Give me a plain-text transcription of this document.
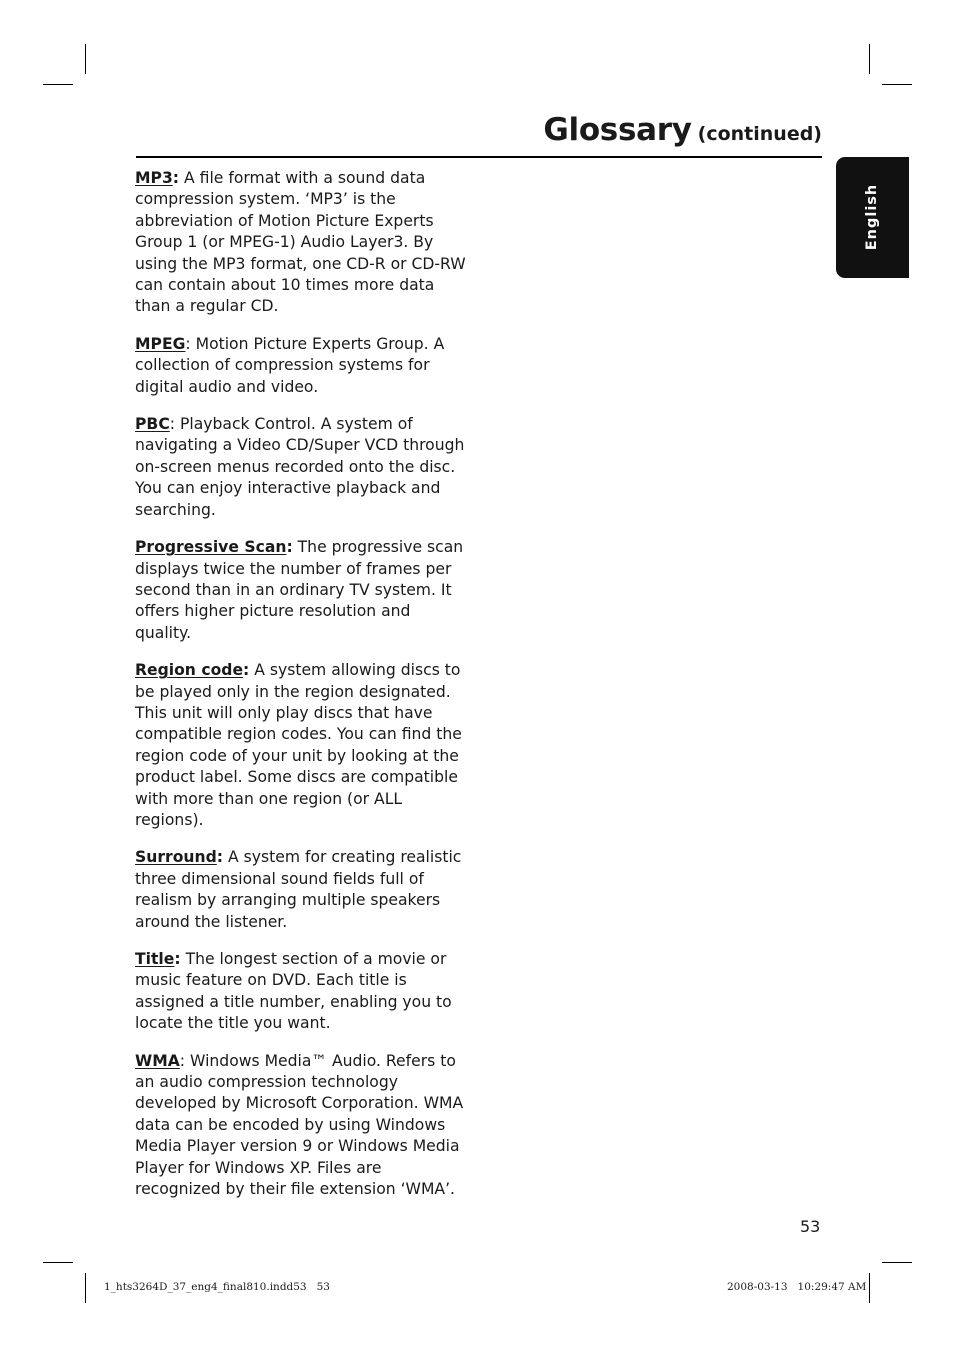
Glossary (continued)
English

MP3: A file format with a sound data compression system. ‘MP3’ is the abbreviation of Motion Picture Experts Group 1 (or MPEG-1) Audio Layer3. By using the MP3 format, one CD-R or CD-RW can contain about 10 times more data than a regular CD.

MPEG: Motion Picture Experts Group. A collection of compression systems for digital audio and video.

PBC: Playback Control. A system of navigating a Video CD/Super VCD through on-screen menus recorded onto the disc. You can enjoy interactive playback and searching.

Progressive Scan: The progressive scan displays twice the number of frames per second than in an ordinary TV system. It offers higher picture resolution and quality.

Region code: A system allowing discs to be played only in the region designated. This unit will only play discs that have compatible region codes. You can find the region code of your unit by looking at the product label. Some discs are compatible with more than one region (or ALL regions).

Surround: A system for creating realistic three dimensional sound fields full of realism by arranging multiple speakers around the listener.

Title: The longest section of a movie or music feature on DVD. Each title is assigned a title number, enabling you to locate the title you want.

WMA: Windows Media™ Audio. Refers to an audio compression technology developed by Microsoft Corporation. WMA data can be encoded by using Windows Media Player version 9 or Windows Media Player for Windows XP. Files are recognized by their file extension ‘WMA’.

53
1_hts3264D_37_eng4_final810.indd53   53	2008-03-13   10:29:47 AM
